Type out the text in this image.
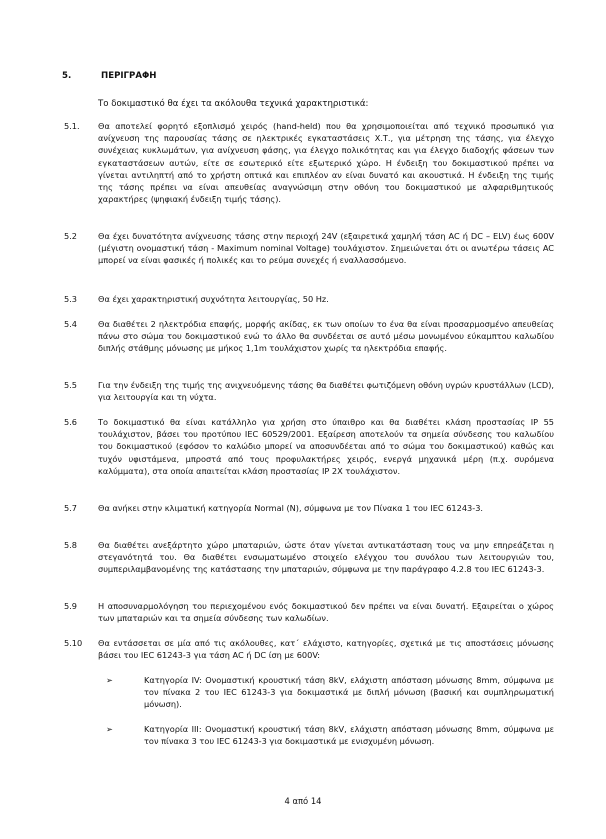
5.	ΠΕΡΙΓΡΑΦΗ
Το δοκιμαστικό θα έχει τα ακόλουθα τεχνικά χαρακτηριστικά:
5.1. Θα αποτελεί φορητό εξοπλισμό χειρός (hand-held) που θα χρησιμοποιείται από τεχνικό προσωπικό για ανίχνευση της παρουσίας τάσης σε ηλεκτρικές εγκαταστάσεις Χ.Τ., για μέτρηση της τάσης, για έλεγχο συνέχειας κυκλωμάτων, για ανίχνευση φάσης, για έλεγχο πολικότητας και για έλεγχο διαδοχής φάσεων των εγκαταστάσεων αυτών, είτε σε εσωτερικό είτε εξωτερικό χώρο. Η ένδειξη του δοκιμαστικού πρέπει να γίνεται αντιληπτή από το χρήστη οπτικά και επιπλέον αν είναι δυνατό και ακουστικά. Η ένδειξη της τιμής της τάσης πρέπει να είναι απευθείας αναγνώσιμη στην οθόνη του δοκιμαστικού με αλφαριθμητικούς χαρακτήρες (ψηφιακή ένδειξη τιμής τάσης).
5.2	Θα έχει δυνατότητα ανίχνευσης τάσης στην περιοχή 24V (εξαιρετικά χαμηλή τάση AC ή DC – ELV) έως 600V (μέγιστη ονομαστική τάση - Maximum nominal Voltage) τουλάχιστον. Σημειώνεται ότι οι ανωτέρω τάσεις AC μπορεί να είναι φασικές ή πολικές και το ρεύμα συνεχές ή εναλλασσόμενο.
5.3	Θα έχει χαρακτηριστική συχνότητα λειτουργίας, 50 Hz.
5.4	Θα διαθέτει 2 ηλεκτρόδια επαφής, μορφής ακίδας, εκ των οποίων το ένα θα είναι προσαρμοσμένο απευθείας πάνω στο σώμα του δοκιμαστικού ενώ το άλλο θα συνδέεται σε αυτό μέσω μονωμένου εύκαμπτου καλωδίου διπλής στάθμης μόνωσης με μήκος 1,1m τουλάχιστον χωρίς τα ηλεκτρόδια επαφής.
5.5	Για την ένδειξη της τιμής της ανιχνευόμενης τάσης θα διαθέτει φωτιζόμενη οθόνη υγρών κρυστάλλων (LCD), για λειτουργία και τη νύχτα.
5.6	Το δοκιμαστικό θα είναι κατάλληλο για χρήση στο ύπαιθρο και θα διαθέτει κλάση προστασίας IP 55 τουλάχιστον, βάσει του προτύπου IEC 60529/2001. Εξαίρεση αποτελούν τα σημεία σύνδεσης του καλωδίου του δοκιμαστικού (εφόσον το καλώδιο μπορεί να αποσυνδέεται από το σώμα του δοκιμαστικού) καθώς και τυχόν υφιστάμενα, μπροστά από τους προφυλακτήρες χειρός, ενεργά μηχανικά μέρη (π.χ. συρόμενα καλύμματα), στα οποία απαιτείται κλάση προστασίας IP 2X τουλάχιστον.
5.7	Θα ανήκει στην κλιματική κατηγορία Normal (N), σύμφωνα με τον Πίνακα 1 του IEC 61243-3.
5.8	Θα διαθέτει ανεξάρτητο χώρο μπαταριών, ώστε όταν γίνεται αντικατάσταση τους να μην επηρεάζεται η στεγανότητά του. Θα διαθέτει ενσωματωμένο στοιχείο ελέγχου του συνόλου των λειτουργιών του, συμπεριλαμβανομένης της κατάστασης την μπαταριών, σύμφωνα με την παράγραφο 4.2.8 του IEC 61243-3.
5.9	Η αποσυναρμολόγηση του περιεχομένου ενός δοκιμαστικού δεν πρέπει να είναι δυνατή. Εξαιρείται ο χώρος των μπαταριών και τα σημεία σύνδεσης των καλωδίων.
5.10 Θα εντάσσεται σε μία από τις ακόλουθες, κατ΄ ελάχιστο, κατηγορίες, σχετικά με τις αποστάσεις μόνωσης βάσει του IEC 61243-3 για τάση AC ή DC ίση με 600V:
➢	Κατηγορία IV: Ονομαστική κρουστική τάση 8kV, ελάχιστη απόσταση μόνωσης 8mm, σύμφωνα με τον πίνακα 2 του IEC 61243-3 για δοκιμαστικά με διπλή μόνωση (βασική και συμπληρωματική μόνωση).
➢	Κατηγορία III: Ονομαστική κρουστική τάση 8kV, ελάχιστη απόσταση μόνωσης 8mm, σύμφωνα με τον πίνακα 3 του IEC 61243-3 για δοκιμαστικά με ενισχυμένη μόνωση.
4 από 14
